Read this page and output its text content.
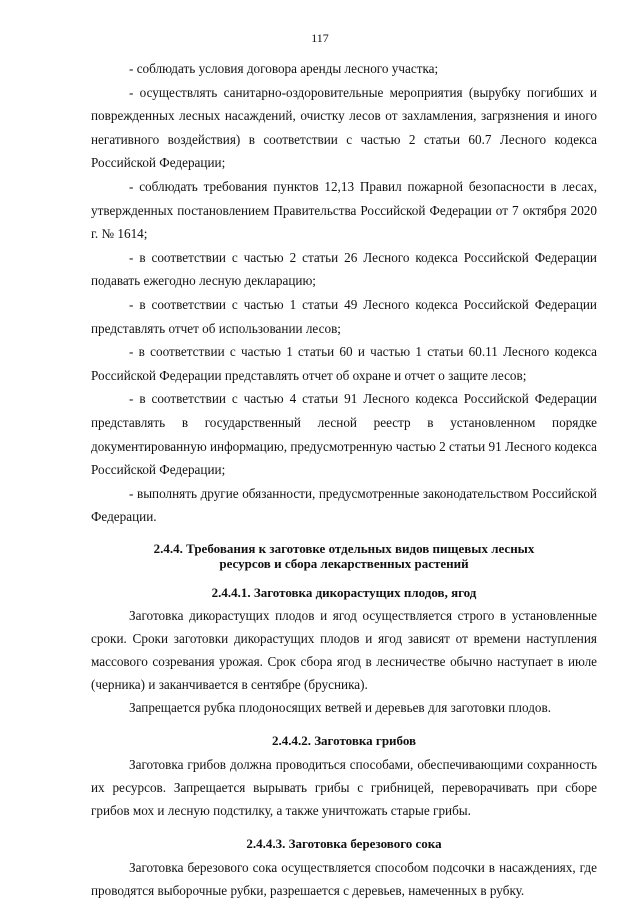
117

- соблюдать условия договора аренды лесного участка;

- осуществлять санитарно-оздоровительные мероприятия (вырубку погибших и поврежденных лесных насаждений, очистку лесов от захламления, загрязнения и иного негативного воздействия) в соответствии с частью 2 статьи 60.7 Лесного кодекса Российской Федерации;

- соблюдать требования пунктов 12,13 Правил пожарной безопасности в лесах, утвержденных постановлением Правительства Российской Федерации от 7 октября 2020 г. № 1614;

- в соответствии с частью 2 статьи 26 Лесного кодекса Российской Федерации подавать ежегодно лесную декларацию;

- в соответствии с частью 1 статьи 49 Лесного кодекса Российской Федерации представлять отчет об использовании лесов;

- в соответствии с частью 1 статьи 60 и частью 1 статьи 60.11 Лесного кодекса Российской Федерации представлять отчет об охране и отчет о защите лесов;

- в соответствии с частью 4 статьи 91 Лесного кодекса Российской Федерации представлять в государственный лесной реестр в установленном порядке документированную информацию, предусмотренную частью 2 статьи 91 Лесного кодекса Российской Федерации;

- выполнять другие обязанности, предусмотренные законодательством Российской Федерации.

2.4.4. Требования к заготовке отдельных видов пищевых лесных
ресурсов и сбора лекарственных растений
2.4.4.1. Заготовка дикорастущих плодов, ягод

Заготовка дикорастущих плодов и ягод осуществляется строго в установленные сроки. Сроки заготовки дикорастущих плодов и ягод зависят от времени наступления массового созревания урожая. Срок сбора ягод в лесничестве обычно наступает в июле (черника) и заканчивается в сентябре (брусника).

Запрещается рубка плодоносящих ветвей и деревьев для заготовки плодов.

2.4.4.2. Заготовка грибов

Заготовка грибов должна проводиться способами, обеспечивающими сохранность их ресурсов. Запрещается вырывать грибы с грибницей, переворачивать при сборе грибов мох и лесную подстилку, а также уничтожать старые грибы.

2.4.4.3. Заготовка березового сока

Заготовка березового сока осуществляется способом подсочки в насаждениях, где проводятся выборочные рубки, разрешается с деревьев, намеченных в рубку.
